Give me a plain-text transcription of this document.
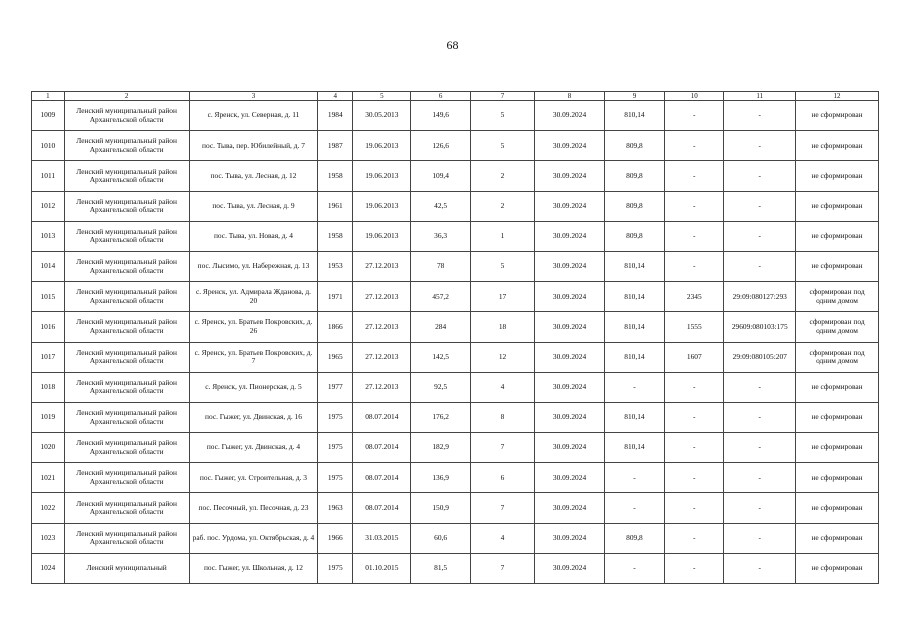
68
1	2	3	4	5	6	7	8	9	10	11	12
1009	Ленский муниципальный район Архангельской области	с. Яренск, ул. Северная, д. 11	1984	30.05.2013	149,6	5	30.09.2024	810,14	-	-	не сформирован
1010	Ленский муниципальный район Архангельской области	пос. Тыва, пер. Юбилейный, д. 7	1987	19.06.2013	126,6	5	30.09.2024	809,8	-	-	не сформирован
1011	Ленский муниципальный район Архангельской области	пос. Тыва, ул. Лесная, д. 12	1958	19.06.2013	109,4	2	30.09.2024	809,8	-	-	не сформирован
1012	Ленский муниципальный район Архангельской области	пос. Тыва, ул. Лесная, д. 9	1961	19.06.2013	42,5	2	30.09.2024	809,8	-	-	не сформирован
1013	Ленский муниципальный район Архангельской области	пос. Тыва, ул. Новая, д. 4	1958	19.06.2013	36,3	1	30.09.2024	809,8	-	-	не сформирован
1014	Ленский муниципальный район Архангельской области	пос. Лысимо, ул. Набережная, д. 13	1953	27.12.2013	78	5	30.09.2024	810,14	-	-	не сформирован
1015	Ленский муниципальный район Архангельской области	с. Яренск, ул. Адмирала Жданова, д. 20	1971	27.12.2013	457,2	17	30.09.2024	810,14	2345	29:09:080127:293	сформирован под одним домом
1016	Ленский муниципальный район Архангельской области	с. Яренск, ул. Братьев Покровских, д. 26	1866	27.12.2013	284	18	30.09.2024	810,14	1555	29609:080103:175	сформирован под одним домом
1017	Ленский муниципальный район Архангельской области	с. Яренск, ул. Братьев Покровских, д. 7	1965	27.12.2013	142,5	12	30.09.2024	810,14	1607	29:09:080105:207	сформирован под одним домом
1018	Ленский муниципальный район Архангельской области	с. Яренск, ул. Пионерская, д. 5	1977	27.12.2013	92,5	4	30.09.2024	-	-	-	не сформирован
1019	Ленский муниципальный район Архангельской области	пос. Гыжег, ул. Двинская, д. 16	1975	08.07.2014	176,2	8	30.09.2024	810,14	-	-	не сформирован
1020	Ленский муниципальный район Архангельской области	пос. Гыжег, ул. Двинская, д. 4	1975	08.07.2014	182,9	7	30.09.2024	810,14	-	-	не сформирован
1021	Ленский муниципальный район Архангельской области	пос. Гыжег, ул. Строительная, д. 3	1975	08.07.2014	136,9	6	30.09.2024	-	-	-	не сформирован
1022	Ленский муниципальный район Архангельской области	пос. Песочный, ул. Песочная, д. 23	1963	08.07.2014	150,9	7	30.09.2024	-	-	-	не сформирован
1023	Ленский муниципальный район Архангельской области	раб. пос. Урдома, ул. Октябрьская, д. 4	1966	31.03.2015	60,6	4	30.09.2024	809,8	-	-	не сформирован
1024	Ленский муниципальный	пос. Гыжег, ул. Школьная, д. 12	1975	01.10.2015	81,5	7	30.09.2024	-	-	-	не сформирован
